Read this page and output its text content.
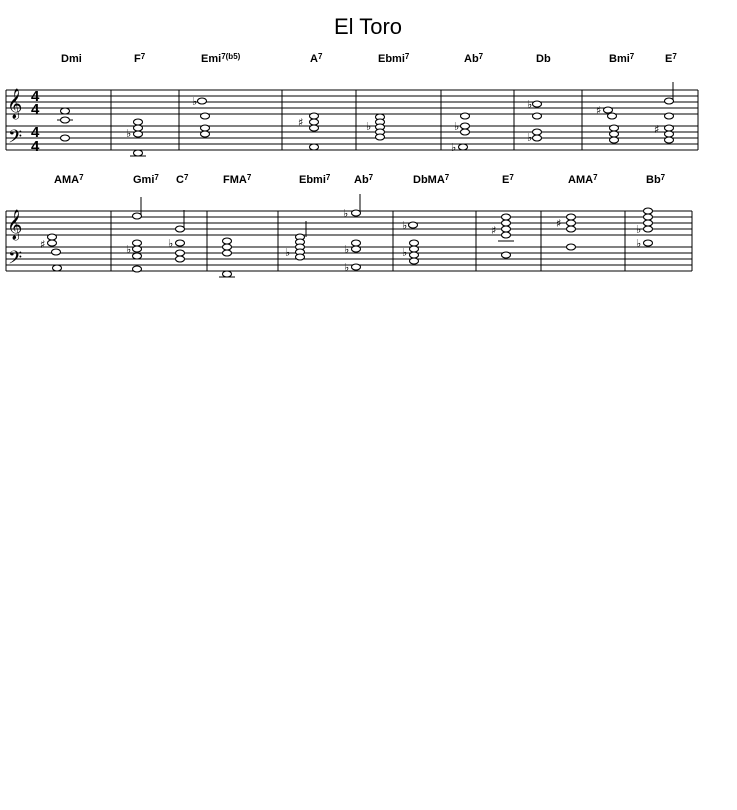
El Toro
Dmi	$F^7$	Emi$^{7(b5)}$	$A^7$	Ebmi$^7$	Ab$^7$	Db	Bmi$^7$	$E^7$
𝄞
𝄢
4
4
4
4
♭
♭
♯	♭	♭
♭
♭
♭
♯
♯
AMA$^7$	Gmi$^7$ $C^7$	FMA$^7$	Ebmi$^7$ Ab$^7$	DbMA$^7$	$E^7$	AMA$^7$	Bb$^7$
𝄞
𝄢
♯	♭	♭
♭
♭
♭
♭
♭
♭
♯
♯	♭
♭
